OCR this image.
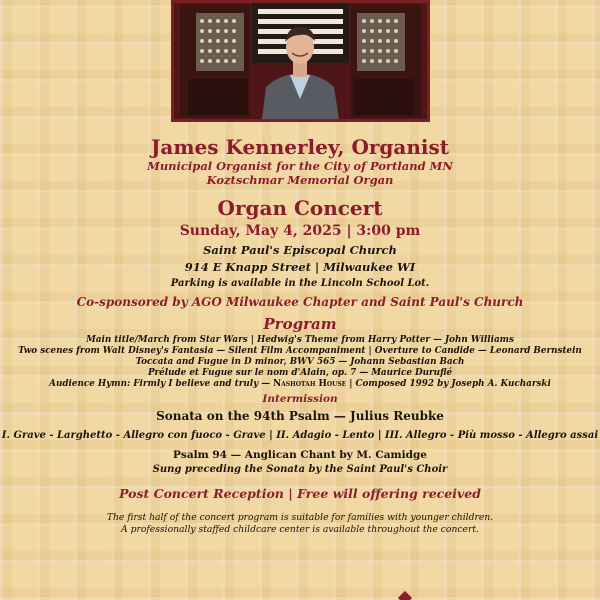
James Kennerley, Organist

Municipal Organist for the City of Portland MN

Koztschmar Memorial Organ

Organ Concert

Sunday, May 4, 2025 | 3:00 pm

Saint Paul's Episcopal Church

914 E Knapp Street | Milwaukee WI

Parking is available in the Lincoln School Lot.

Co-sponsored by AGO Milwaukee Chapter and Saint Paul's Church

Program

Main title/March from Star Wars | Hedwig's Theme from Harry Potter — John Williams

Two scenes from Walt Disney's Fantasia — Silent Film Accompaniment | Overture to Candide — Leonard Bernstein

Toccata and Fugue in D minor, BWV 565 — Johann Sebastian Bach

Prélude et Fugue sur le nom d'Alain, op. 7 — Maurice Duruflé

Audience Hymn: Firmly I believe and truly — Nashotah House | Composed 1992 by Joseph A. Kucharski

Intermission

Sonata on the 94th Psalm — Julius Reubke

I. Grave - Larghetto - Allegro con fuoco - Grave | II. Adagio - Lento | III. Allegro - Più mosso - Allegro assai

Psalm 94 — Anglican Chant by M. Camidge

Sung preceding the Sonata by the Saint Paul's Choir

Post Concert Reception | Free will offering received

The first half of the concert program is suitable for families with younger children.

A professionally staffed childcare center is available throughout the concert.
